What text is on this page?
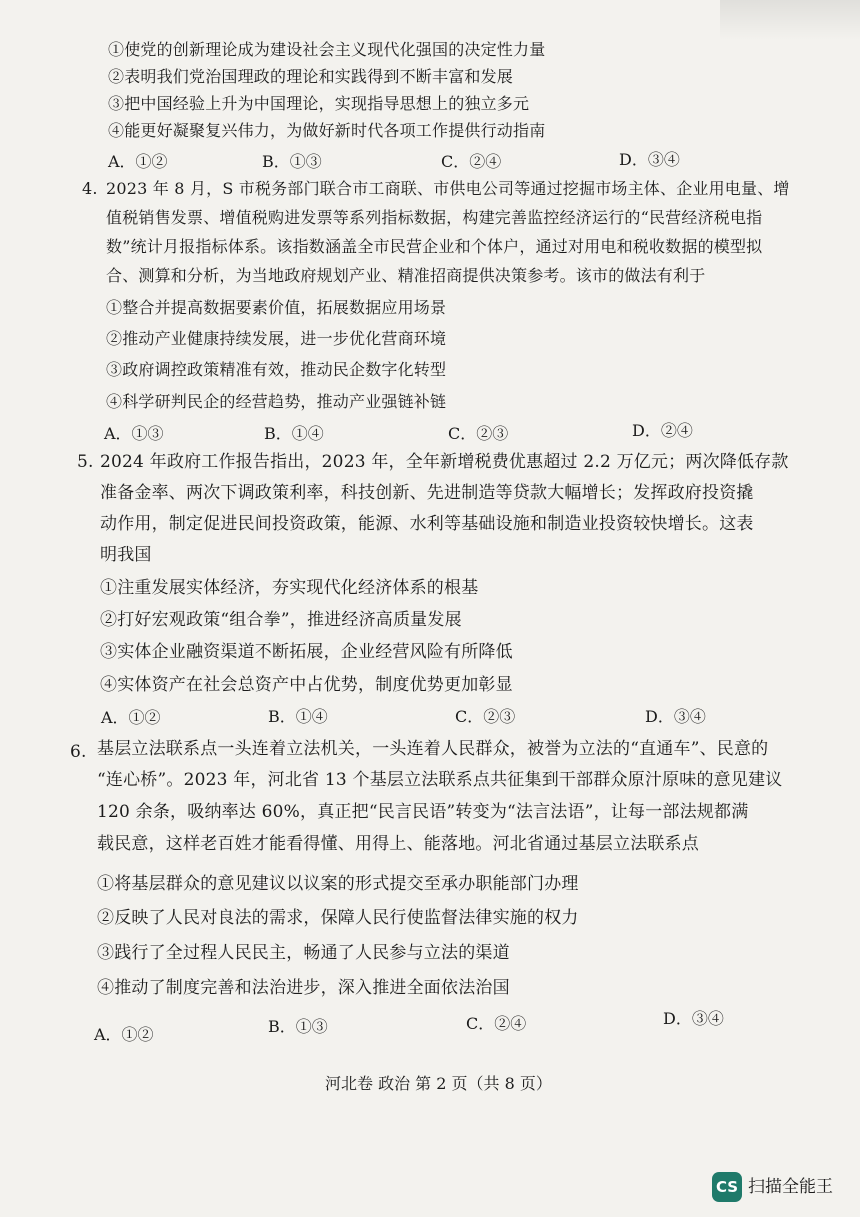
①使党的创新理论成为建设社会主义现代化强国的决定性力量
②表明我们党治国理政的理论和实践得到不断丰富和发展
③把中国经验上升为中国理论，实现指导思想上的独立多元
④能更好凝聚复兴伟力，为做好新时代各项工作提供行动指南
A．①②	B．①③	C．②④	D．③④
4. 2023 年 8 月，S 市税务部门联合市工商联、市供电公司等通过挖掘市场主体、企业用电量、增
值税销售发票、增值税购进发票等系列指标数据，构建完善监控经济运行的“民营经济税电指
数”统计月报指标体系。该指数涵盖全市民营企业和个体户，通过对用电和税收数据的模型拟
合、测算和分析，为当地政府规划产业、精准招商提供决策参考。该市的做法有利于
①整合并提高数据要素价值，拓展数据应用场景
②推动产业健康持续发展，进一步优化营商环境
③政府调控政策精准有效，推动民企数字化转型
④科学研判民企的经营趋势，推动产业强链补链
A．①③	B．①④	C．②③	D．②④
5. 2024 年政府工作报告指出，2023 年，全年新增税费优惠超过 2.2 万亿元；两次降低存款
准备金率、两次下调政策利率，科技创新、先进制造等贷款大幅增长；发挥政府投资撬
动作用，制定促进民间投资政策，能源、水利等基础设施和制造业投资较快增长。这表
明我国
①注重发展实体经济，夯实现代化经济体系的根基
②打好宏观政策“组合拳”，推进经济高质量发展
③实体企业融资渠道不断拓展，企业经营风险有所降低
④实体资产在社会总资产中占优势，制度优势更加彰显
A．①②	B．①④	C．②③	D．③④
6. 基层立法联系点一头连着立法机关，一头连着人民群众，被誉为立法的“直通车”、民意的
“连心桥”。2023 年，河北省 13 个基层立法联系点共征集到干部群众原汁原味的意见建议
120 余条，吸纳率达 60%，真正把“民言民语”转变为“法言法语”，让每一部法规都满
载民意，这样老百姓才能看得懂、用得上、能落地。河北省通过基层立法联系点
①将基层群众的意见建议以议案的形式提交至承办职能部门办理
②反映了人民对良法的需求，保障人民行使监督法律实施的权力
③践行了全过程人民民主，畅通了人民参与立法的渠道
④推动了制度完善和法治进步，深入推进全面依法治国
A．①②	B．①③	C．②④	D．③④
河北卷 政治 第 2 页（共 8 页）
CS 扫描全能王
